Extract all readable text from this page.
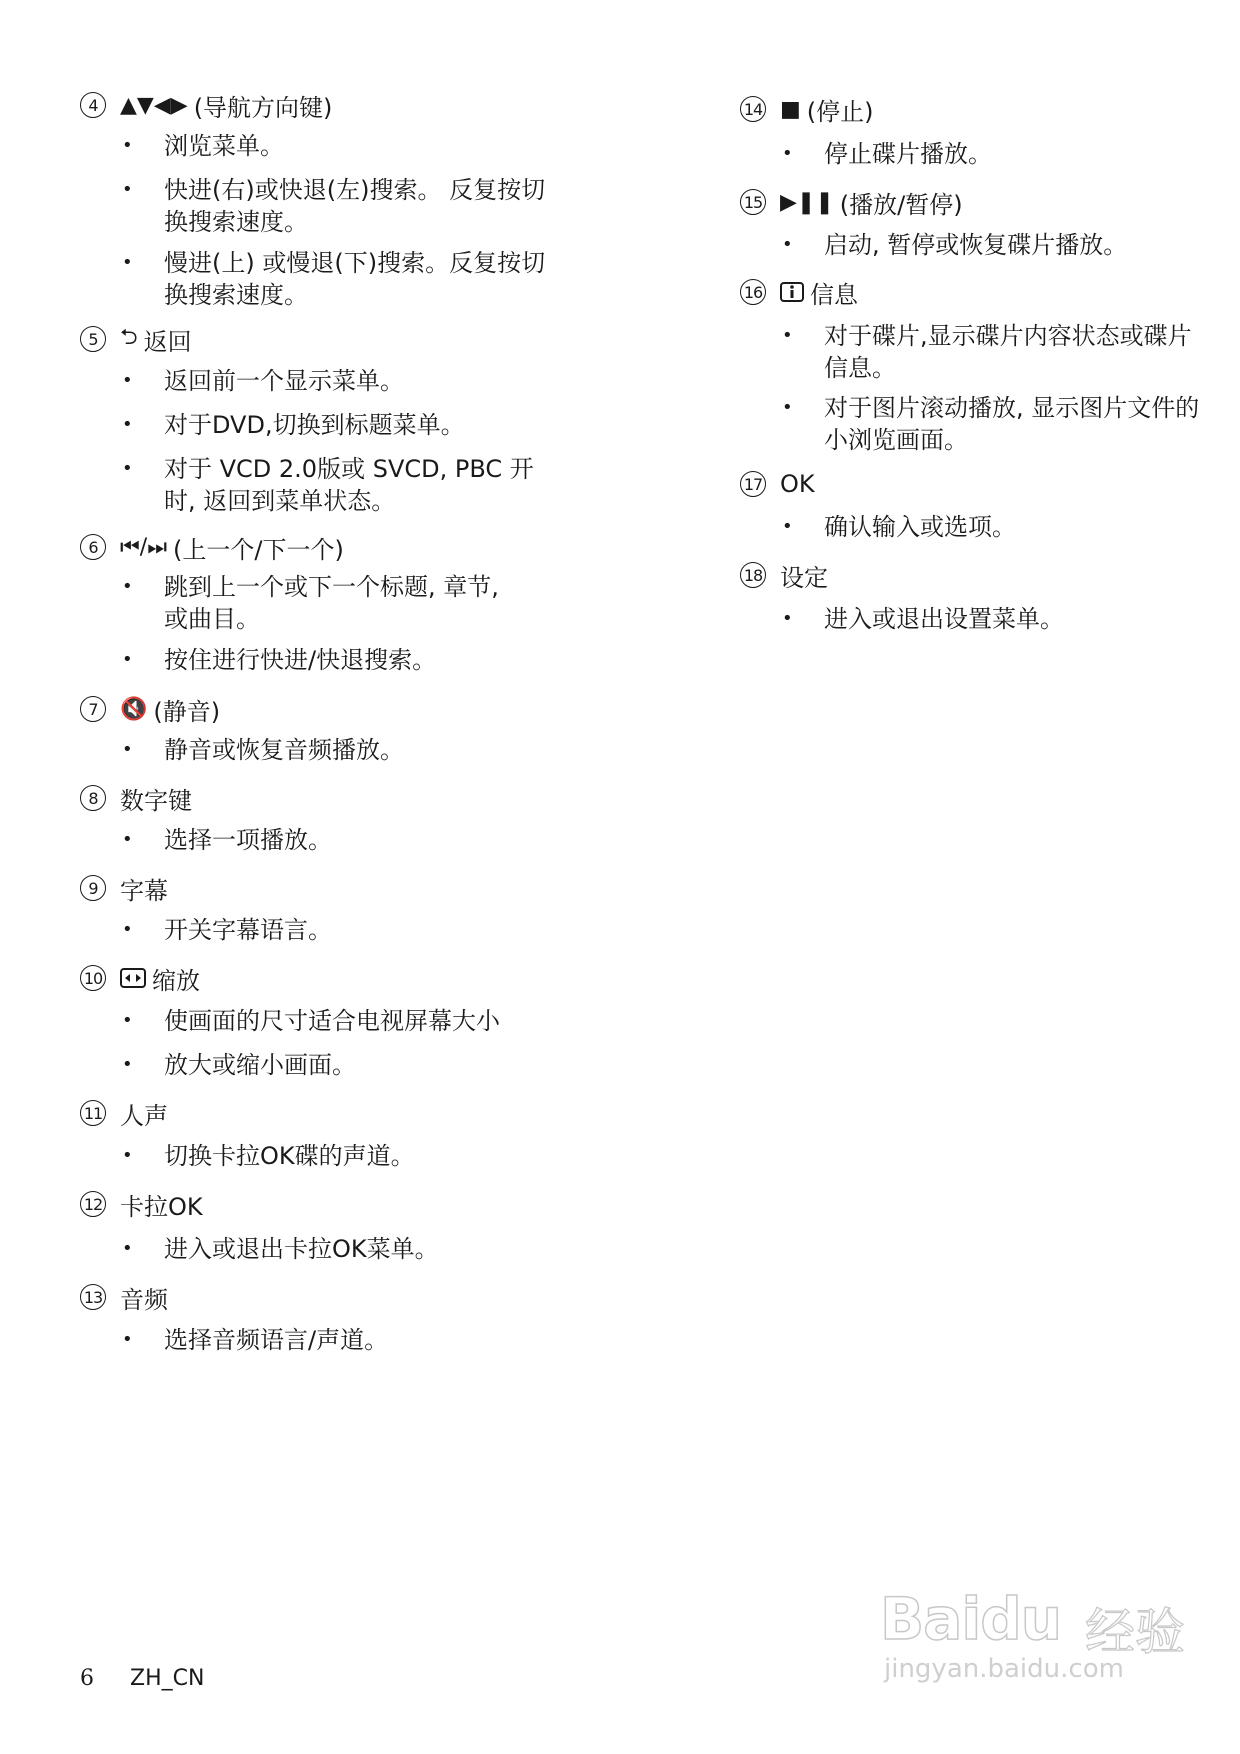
4	▲▼◀▶ (导航方向键)
•	浏览菜单。
•	快进(右)或快退(左)搜索。 反复按切
换搜索速度。
•	慢进(上) 或慢退(下)搜索。反复按切
换搜索速度。
5	⮌ 返回
•	返回前一个显示菜单。
•	对于DVD,切换到标题菜单。
•	对于 VCD 2.0版或 SVCD, PBC 开
时, 返回到菜单状态。
6	⏮/⏭ (上一个/下一个)
•	跳到上一个或下一个标题, 章节,
或曲目。
•	按住进行快进/快退搜索。
7	🔇 (静音)
•	静音或恢复音频播放。
8 数字键
•	选择一项播放。
9 字幕
•	开关字幕语言。
10 缩放
•	使画面的尺寸适合电视屏幕大小
•	放大或缩小画面。
11 人声
•	切换卡拉OK碟的声道。
12 卡拉OK
•	进入或退出卡拉OK菜单。
13 音频
•	选择音频语言/声道。
14 ■ (停止)
•	停止碟片播放。
15 ▶❚❚ (播放/暂停)
•	启动, 暂停或恢复碟片播放。
16 信息
•	对于碟片,显示碟片内容状态或碟片
信息。
•	对于图片滚动播放, 显示图片文件的
小浏览画面。
17 OK
•	确认输入或选项。
18 设定
•	进入或退出设置菜单。
6 ZH_CN
Baidu 经验
jingyan.baidu.com
